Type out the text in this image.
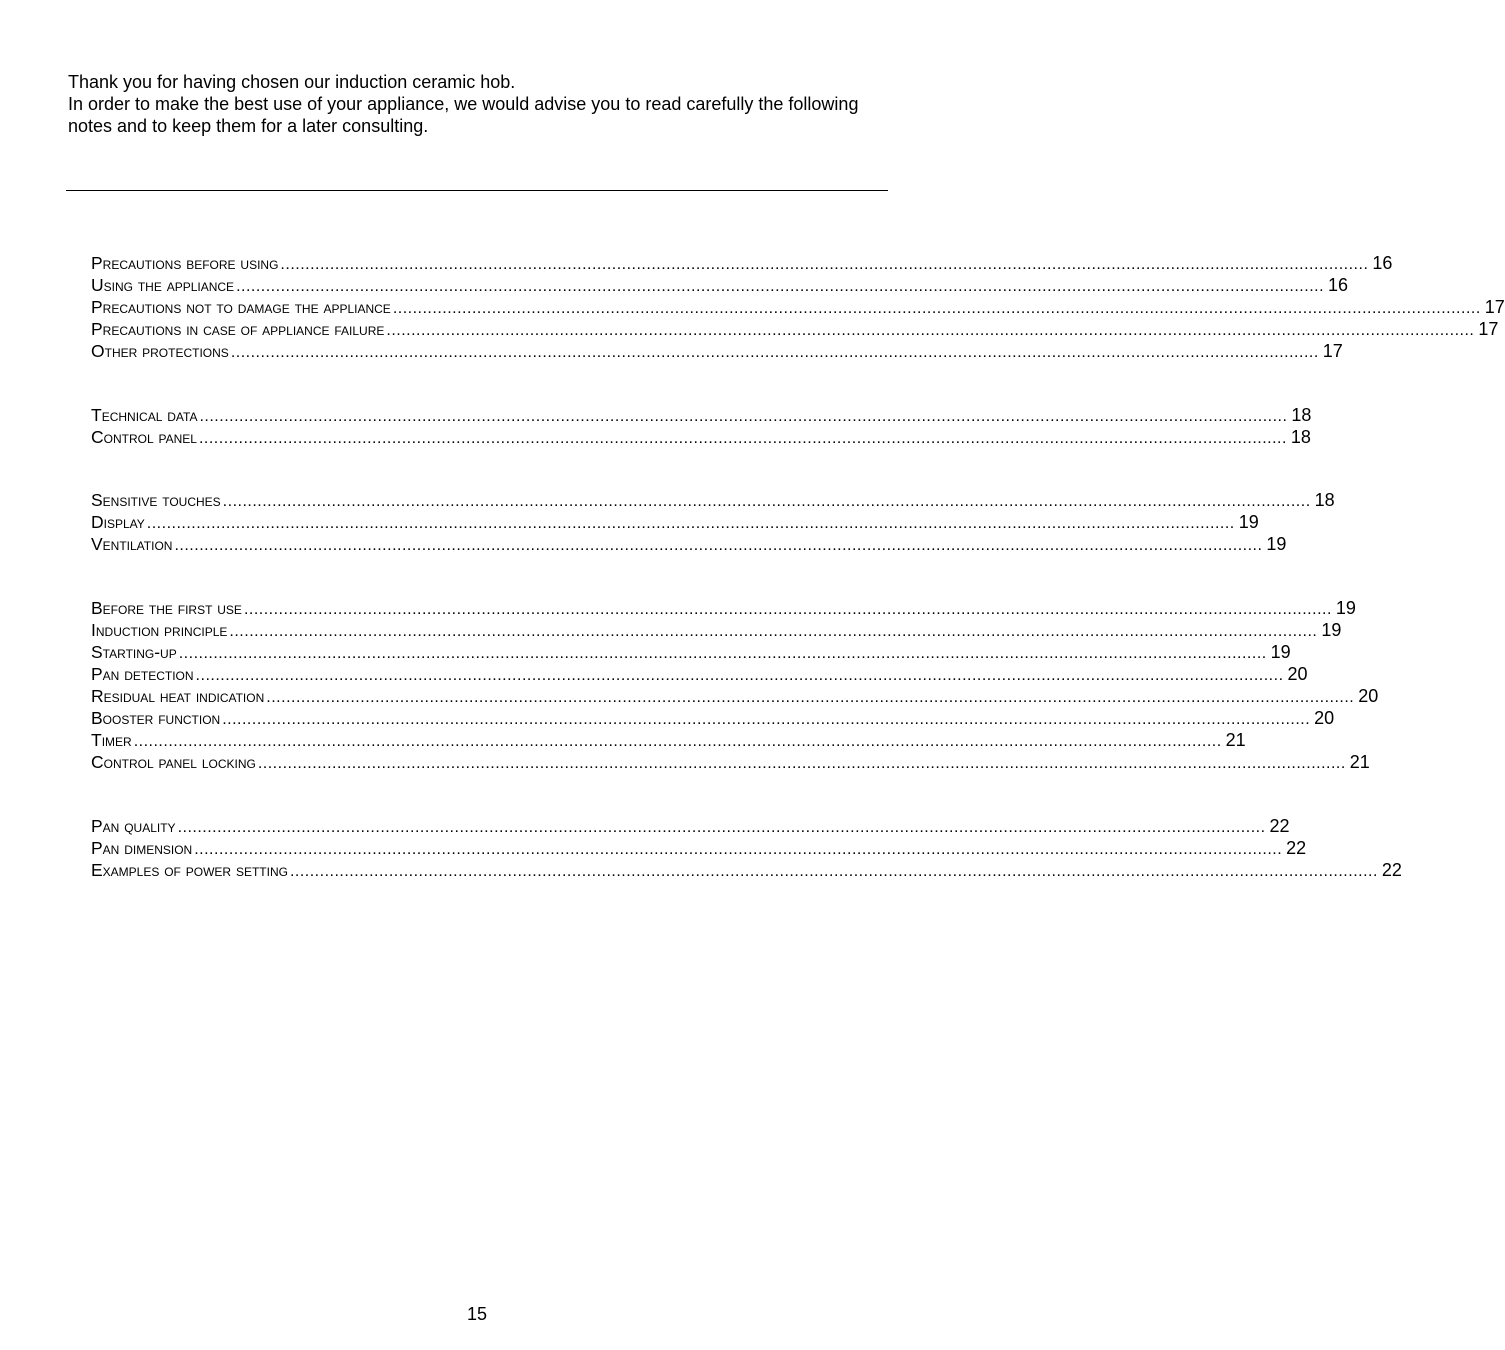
Thank you for having chosen our induction ceramic hob.

In order to make the best use of your appliance, we would advise you to read carefully the following notes and to keep them for a later consulting.

Precautions before using ............................................................................................................................................................................................................................ 16
Using the appliance ............................................................................................................................................................................................................................ 16
Precautions not to damage the appliance ............................................................................................................................................................................................................................ 17
Precautions in case of appliance failure ............................................................................................................................................................................................................................ 17
Other protections ............................................................................................................................................................................................................................ 17
Technical data ............................................................................................................................................................................................................................ 18
Control panel ............................................................................................................................................................................................................................ 18
Sensitive touches ............................................................................................................................................................................................................................ 18
Display ............................................................................................................................................................................................................................ 19
Ventilation ............................................................................................................................................................................................................................ 19
Before the first use ............................................................................................................................................................................................................................ 19
Induction principle ............................................................................................................................................................................................................................ 19
Starting-up ............................................................................................................................................................................................................................ 19
Pan detection ............................................................................................................................................................................................................................ 20
Residual heat indication ............................................................................................................................................................................................................................ 20
Booster function ............................................................................................................................................................................................................................ 20
Timer ............................................................................................................................................................................................................................ 21
Control panel locking ............................................................................................................................................................................................................................ 21
Pan quality ............................................................................................................................................................................................................................ 22
Pan dimension ............................................................................................................................................................................................................................ 22
Examples of power setting ............................................................................................................................................................................................................................ 22
15
